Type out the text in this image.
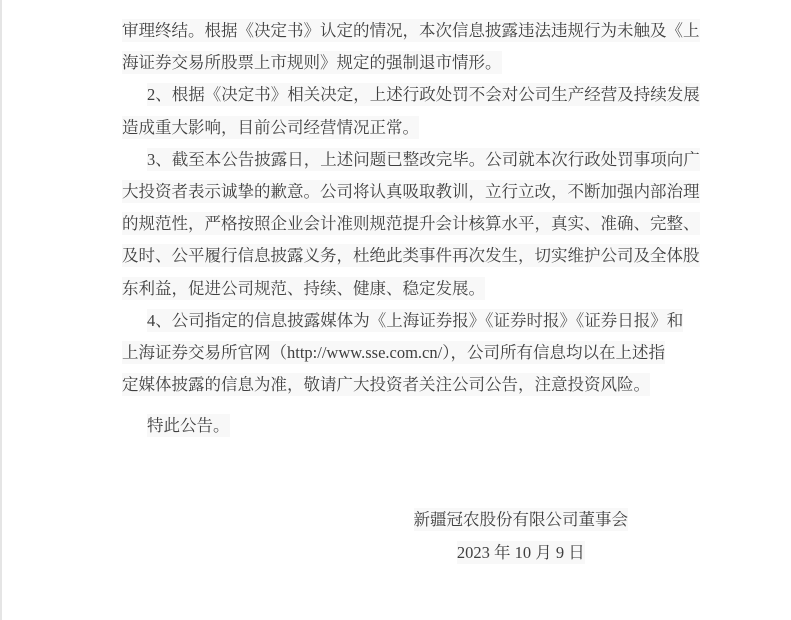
审理终结。根据《决定书》认定的情况，本次信息披露违法违规行为未触及《上
海证券交易所股票上市规则》规定的强制退市情形。
2、根据《决定书》相关决定，上述行政处罚不会对公司生产经营及持续发展
造成重大影响，目前公司经营情况正常。
3、截至本公告披露日，上述问题已整改完毕。公司就本次行政处罚事项向广
大投资者表示诚挚的歉意。公司将认真吸取教训，立行立改，不断加强内部治理
的规范性，严格按照企业会计准则规范提升会计核算水平，真实、准确、完整、
及时、公平履行信息披露义务，杜绝此类事件再次发生，切实维护公司及全体股
东利益，促进公司规范、持续、健康、稳定发展。
4、公司指定的信息披露媒体为《上海证券报》《证券时报》《证券日报》和
上海证券交易所官网（http://www.sse.com.cn/），公司所有信息均以在上述指
定媒体披露的信息为准，敬请广大投资者关注公司公告，注意投资风险。
特此公告。
新疆冠农股份有限公司董事会
2023 年 10 月 9 日
